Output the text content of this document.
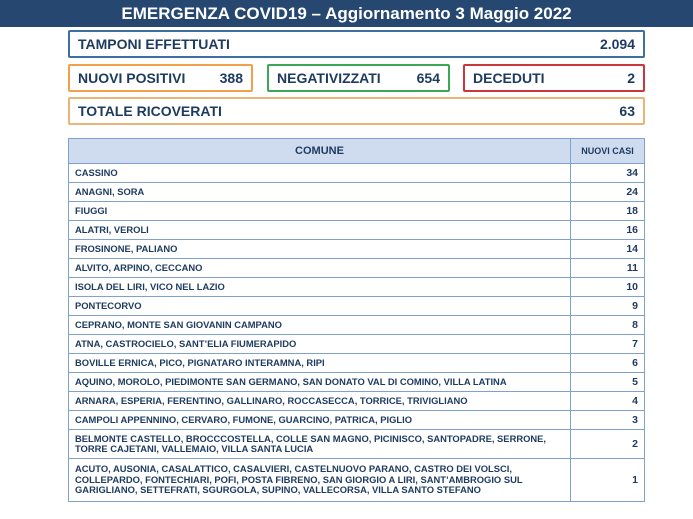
EMERGENZA COVID19 – Aggiornamento 3 Maggio 2022
TAMPONI EFFETTUATI	2.094
NUOVI POSITIVI 388 NEGATIVIZZATI	654 DECEDUTI	2
TOTALE RICOVERATI	63
COMUNE	NUOVI CASI
CASSINO	34
ANAGNI, SORA	24
FIUGGI	18
ALATRI, VEROLI	16
FROSINONE, PALIANO	14
ALVITO, ARPINO, CECCANO	11
ISOLA DEL LIRI, VICO NEL LAZIO	10
PONTECORVO	9
CEPRANO, MONTE SAN GIOVANIN CAMPANO	8
ATNA, CASTROCIELO, SANT’ELIA FIUMERAPIDO	7
BOVILLE ERNICA, PICO, PIGNATARO INTERAMNA, RIPI	6
AQUINO, MOROLO, PIEDIMONTE SAN GERMANO, SAN DONATO VAL DI COMINO, VILLA LATINA	5
ARNARA, ESPERIA, FERENTINO, GALLINARO, ROCCASECCA, TORRICE, TRIVIGLIANO	4
CAMPOLI APPENNINO, CERVARO, FUMONE, GUARCINO, PATRICA, PIGLIO	3
BELMONTE CASTELLO, BROCCCOSTELLA, COLLE SAN MAGNO, PICINISCO, SANTOPADRE, SERRONE, TORRE CAJETANI, VALLEMAIO, VILLA SANTA LUCIA	2
ACUTO, AUSONIA, CASALATTICO, CASALVIERI, CASTELNUOVO PARANO, CASTRO DEI VOLSCI, COLLEPARDO, FONTECHIARI, POFI, POSTA FIBRENO, SAN GIORGIO A LIRI, SANT’AMBROGIO SUL GARIGLIANO, SETTEFRATI, SGURGOLA, SUPINO, VALLECORSA, VILLA SANTO STEFANO	1
